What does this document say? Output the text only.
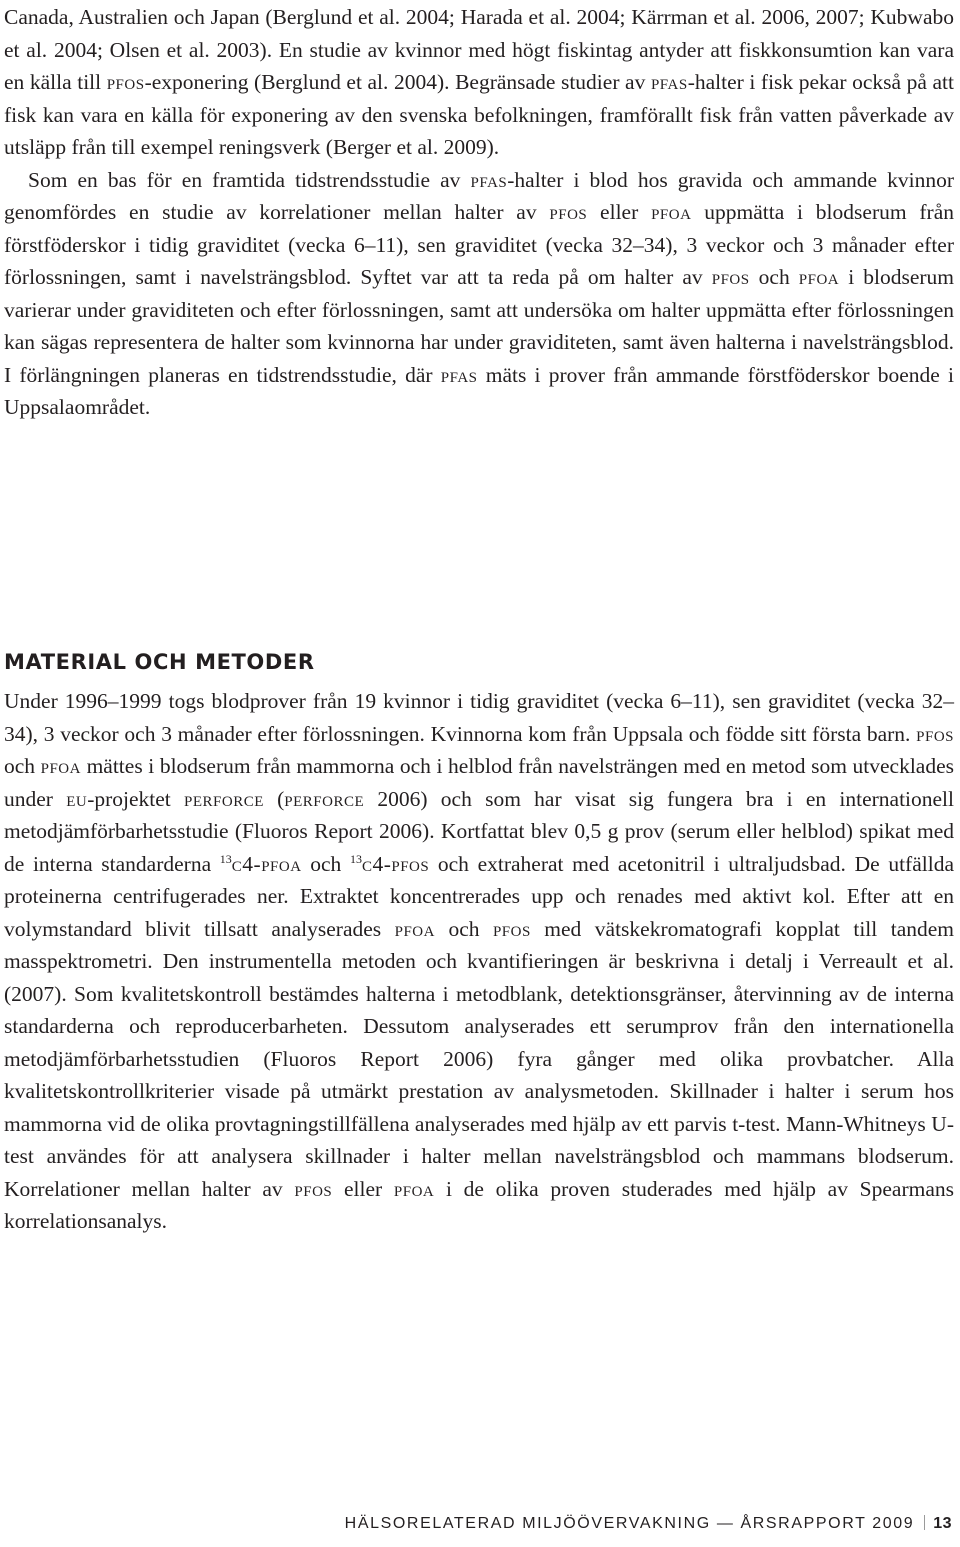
Canada, Australien och Japan (Berglund et al. 2004; Harada et al. 2004; Kärrman et al. 2006, 2007; Kubwabo et al. 2004; Olsen et al. 2003). En studie av kvinnor med högt fiskintag antyder att fiskkonsumtion kan vara en källa till pfos-exponering (Berglund et al. 2004). Begränsade studier av pfas-halter i fisk pekar också på att fisk kan vara en källa för exponering av den svenska befolkningen, framförallt fisk från vatten påverkade av utsläpp från till exempel reningsverk (Berger et al. 2009).

Som en bas för en framtida tidstrendsstudie av pfas-halter i blod hos gravida och ammande kvinnor genomfördes en studie av korrelationer mellan halter av pfos eller pfoa uppmätta i blodserum från förstföderskor i tidig graviditet (vecka 6–11), sen graviditet (vecka 32–34), 3 veckor och 3 månader efter förlossningen, samt i navelsträngsblod. Syftet var att ta reda på om halter av pfos och pfoa i blodserum varierar under graviditeten och efter förlossningen, samt att undersöka om halter uppmätta efter förlossningen kan sägas representera de halter som kvinnorna har under graviditeten, samt även halterna i navelsträngsblod. I förlängningen planeras en tidstrendsstudie, där pfas mäts i prover från ammande förstföderskor boende i Uppsalaområdet.

MATERIAL OCH METODER

Under 1996–1999 togs blodprover från 19 kvinnor i tidig graviditet (vecka 6–11), sen graviditet (vecka 32–34), 3 veckor och 3 månader efter förlossningen. Kvinnorna kom från Uppsala och födde sitt första barn. pfos och pfoa mättes i blodserum från mammorna och i helblod från navelsträngen med en metod som utvecklades under eu-projektet perforce (perforce 2006) och som har visat sig fungera bra i en internationell metodjämförbarhetsstudie (Fluoros Report 2006). Kortfattat blev 0,5 g prov (serum eller helblod) spikat med de interna standarderna $^{13}$c4-pfoa och $^{13}$c4-pfos och extraherat med acetonitril i ultraljudsbad. De utfällda proteinerna centrifugerades ner. Extraktet koncentrerades upp och renades med aktivt kol. Efter att en volymstandard blivit tillsatt analyserades pfoa och pfos med vätskekromatografi kopplat till tandem masspektrometri. Den instrumentella metoden och kvantifieringen är beskrivna i detalj i Verreault et al. (2007). Som kvalitetskontroll bestämdes halterna i metodblank, detektionsgränser, återvinning av de interna standarderna och reproducerbarheten. Dessutom analyserades ett serumprov från den internationella metodjämförbarhetsstudien (Fluoros Report 2006) fyra gånger med olika provbatcher. Alla kvalitetskontrollkriterier visade på utmärkt prestation av analysmetoden. Skillnader i halter i serum hos mammorna vid de olika provtagningstillfällena analyserades med hjälp av ett parvis t-test. Mann-Whitneys U-test användes för att analysera skillnader i halter mellan navelsträngsblod och mammans blodserum. Korrelationer mellan halter av pfos eller pfoa i de olika proven studerades med hjälp av Spearmans korrelationsanalys.

HÄLSORELATERAD MILJÖÖVERVAKNING — ÅRSRAPPORT 2009 13
